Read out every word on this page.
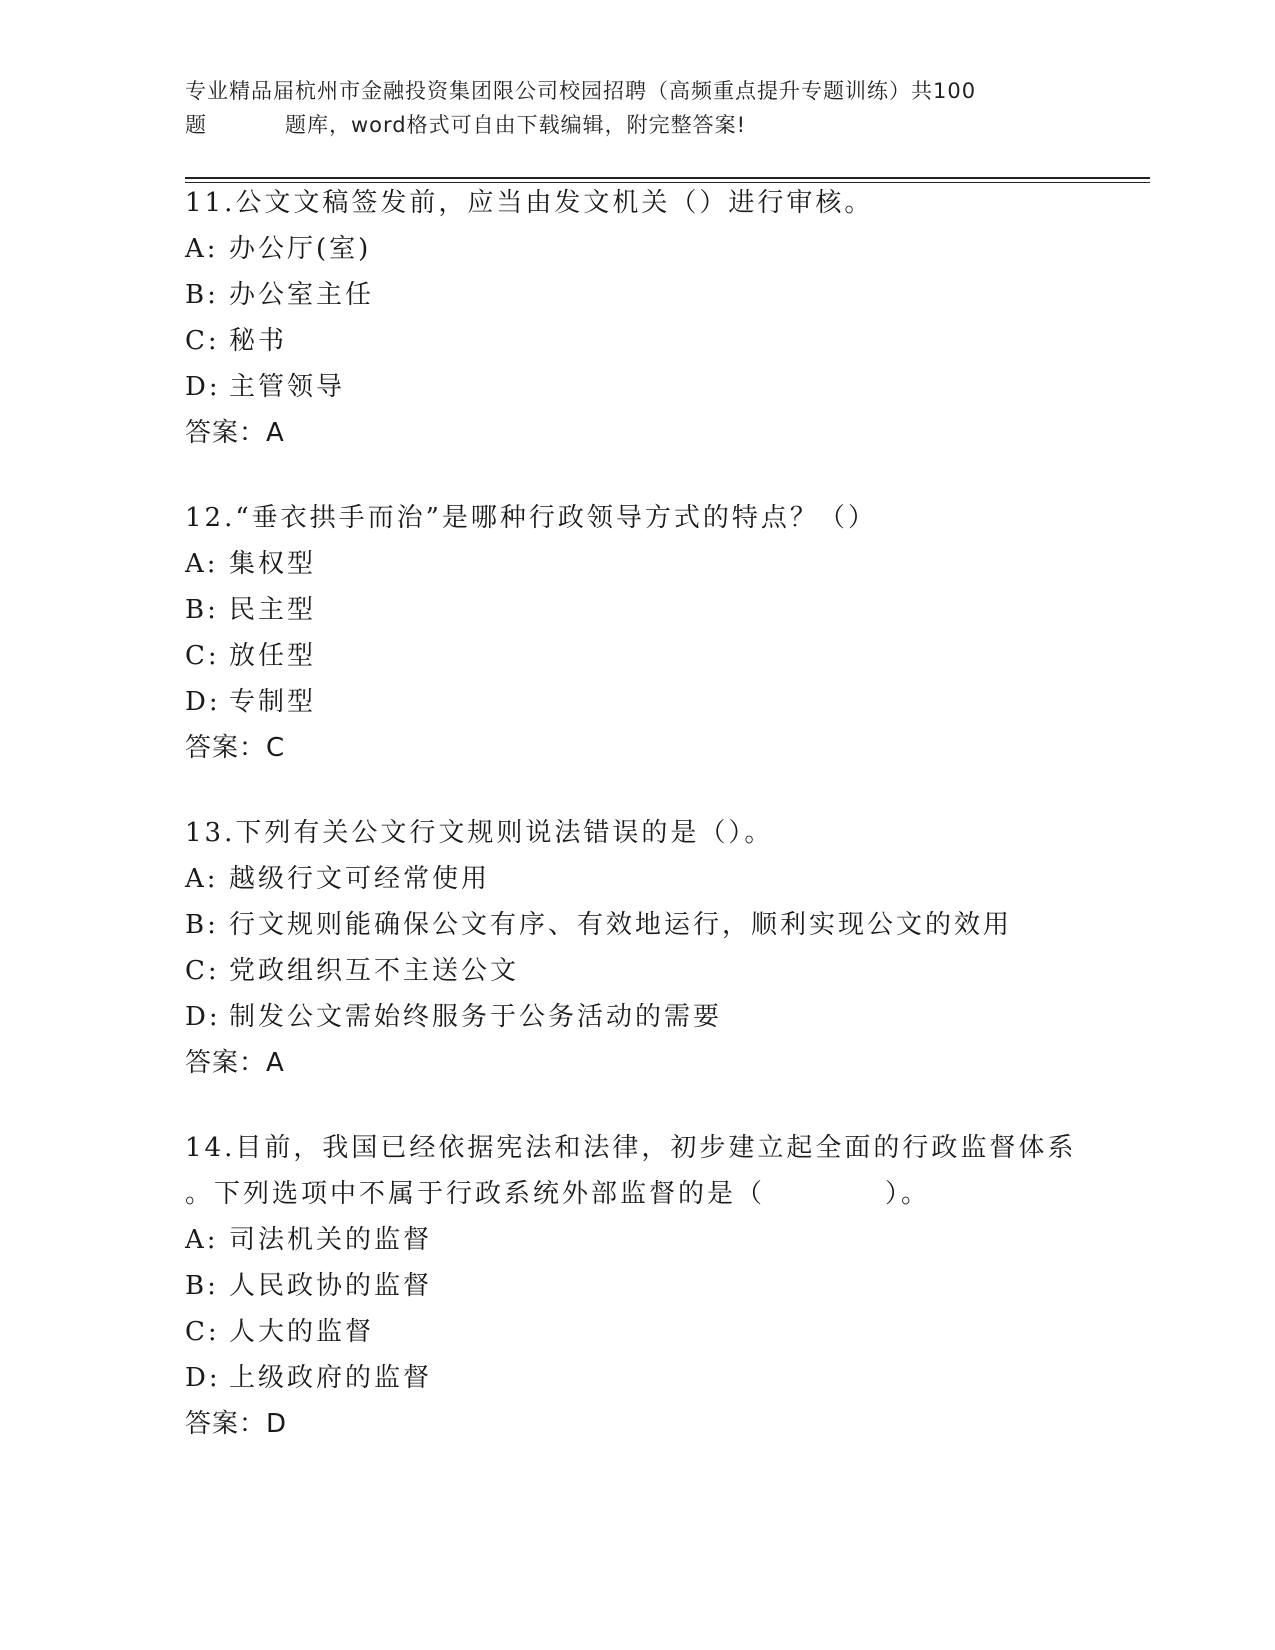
专业精品届杭州市金融投资集团限公司校园招聘（高频重点提升专题训练）共100
题	题库，word格式可自由下载编辑，附完整答案!
11.公文文稿签发前，应当由发文机关（）进行审核。
A: 办公厅(室)
B: 办公室主任
C: 秘书
D: 主管领导
答案：A
12.“垂衣拱手而治”是哪种行政领导方式的特点？（）
A: 集权型
B: 民主型
C: 放任型
D: 专制型
答案：C
13.下列有关公文行文规则说法错误的是（）。
A: 越级行文可经常使用
B: 行文规则能确保公文有序、有效地运行，顺利实现公文的效用
C: 党政组织互不主送公文
D: 制发公文需始终服务于公务活动的需要
答案：A
14.目前，我国已经依据宪法和法律，初步建立起全面的行政监督体系
。下列选项中不属于行政系统外部监督的是（	）。
A: 司法机关的监督
B: 人民政协的监督
C: 人大的监督
D: 上级政府的监督
答案：D
